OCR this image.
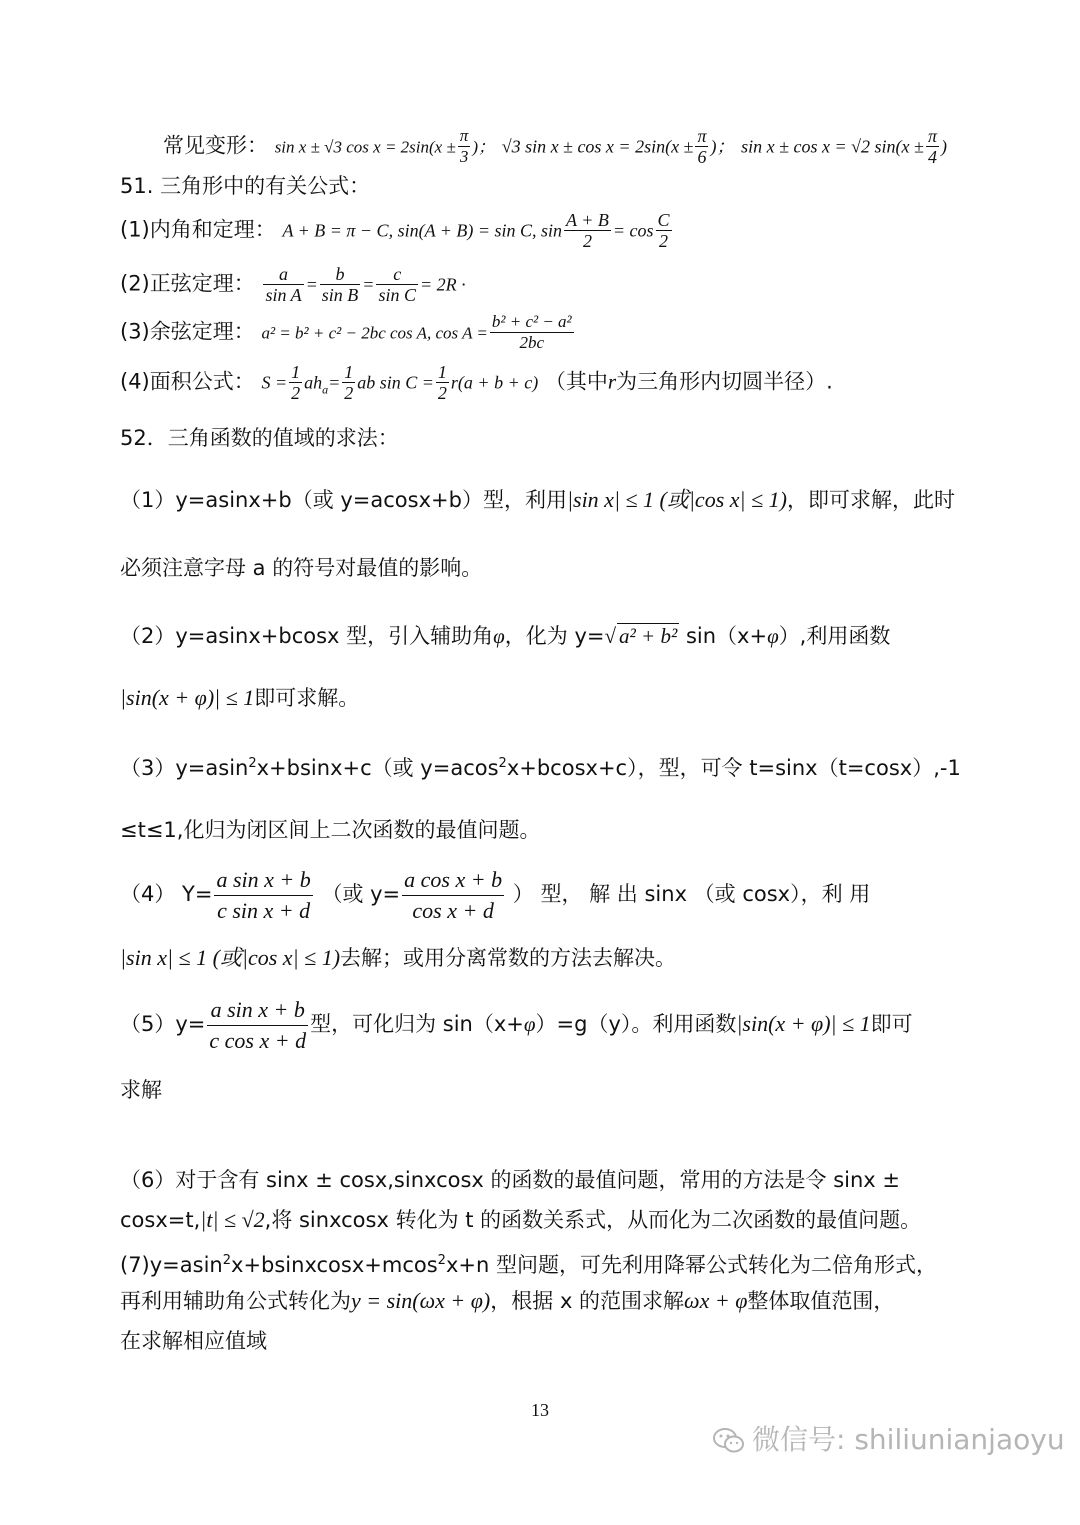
常见变形： sin x ± √3 $\cos x = 2\sin(x \pm \frac{\pi}{3}$ )； √3 $\sin x \pm \cos x = 2\sin(x \pm \frac{\pi}{6}$ )； sin x ± cos x = √2 $\sin(x \pm \frac{\pi}{4}$ )
51. 三角形中的有关公式：
(1)内角和定理： A + B = π − C, sin(A + B) = sin C, $\sin \frac{A + B}{2} = \cos \frac{C}{2}$
(2)正弦定理： $\frac{a}{\text{sin A}} = \frac{b}{\text{sin B}} = \frac{c}{\text{sin C}} = 2R$ ·
(3)余弦定理： a² = b² + c² − 2bc cos A, $\cos A = \frac{\text{b² + c² − a²}}{2bc}$
(4)面积公式： $S = \frac{1}{2} ah_a= \frac{1}{2}$ ab $\sin C = \frac{1}{2} r(a + b + c)$ （其中r为三角形内切圆半径）.
52．三角函数的值域的求法：
（1）y=asinx+b（或 y=acosx+b）型，利用|sin x| ≤ 1 (或|cos x| ≤ 1)，即可求解，此时
必须注意字母 a 的符号对最值的影响。
（2）y=asinx+bcosx 型，引入辅助角φ，化为 y=√ a² + b² sin（x+φ）,利用函数
|sin(x + φ)| ≤ 1即可求解。
（3）y=asin$^2$x+bsinx+c（或 y=acos$^2$x+bcosx+c），型，可令 t=sinx（t=cosx）,-1
≤t≤1,化归为闭区间上二次函数的最值问题。
（4） $Y= \frac{\text{a sin x + b}}{\text{c sin x + d}}$ （或 $y= \frac{\text{a cos x + b}}{\text{cos x + d}}$ ） 型， 解 出 sinx （或 cosx），利 用
|sin x| ≤ 1 (或|cos x| ≤ 1)去解；或用分离常数的方法去解决。
$(5)y= \frac{\text{a sin x + b}}{\text{c cos x + d}}$ 型，可化归为 sin（x+φ）=g（y）。利用函数|sin(x + φ)| ≤ 1即可
求解
（6）对于含有 sinx ± cosx,sinxcosx 的函数的最值问题，常用的方法是令 sinx ±
cosx=t,|t| ≤ √2,将 sinxcosx 转化为 t 的函数关系式，从而化为二次函数的最值问题。
(7)y=asin$^2$x+bsinxcosx+mcos$^2$x+n 型问题，可先利用降幂公式转化为二倍角形式，
再利用辅助角公式转化为y = sin(ωx + φ)，根据 x 的范围求解ωx + φ整体取值范围，
在求解相应值域
13
微信号: shiliunianjaoyu
